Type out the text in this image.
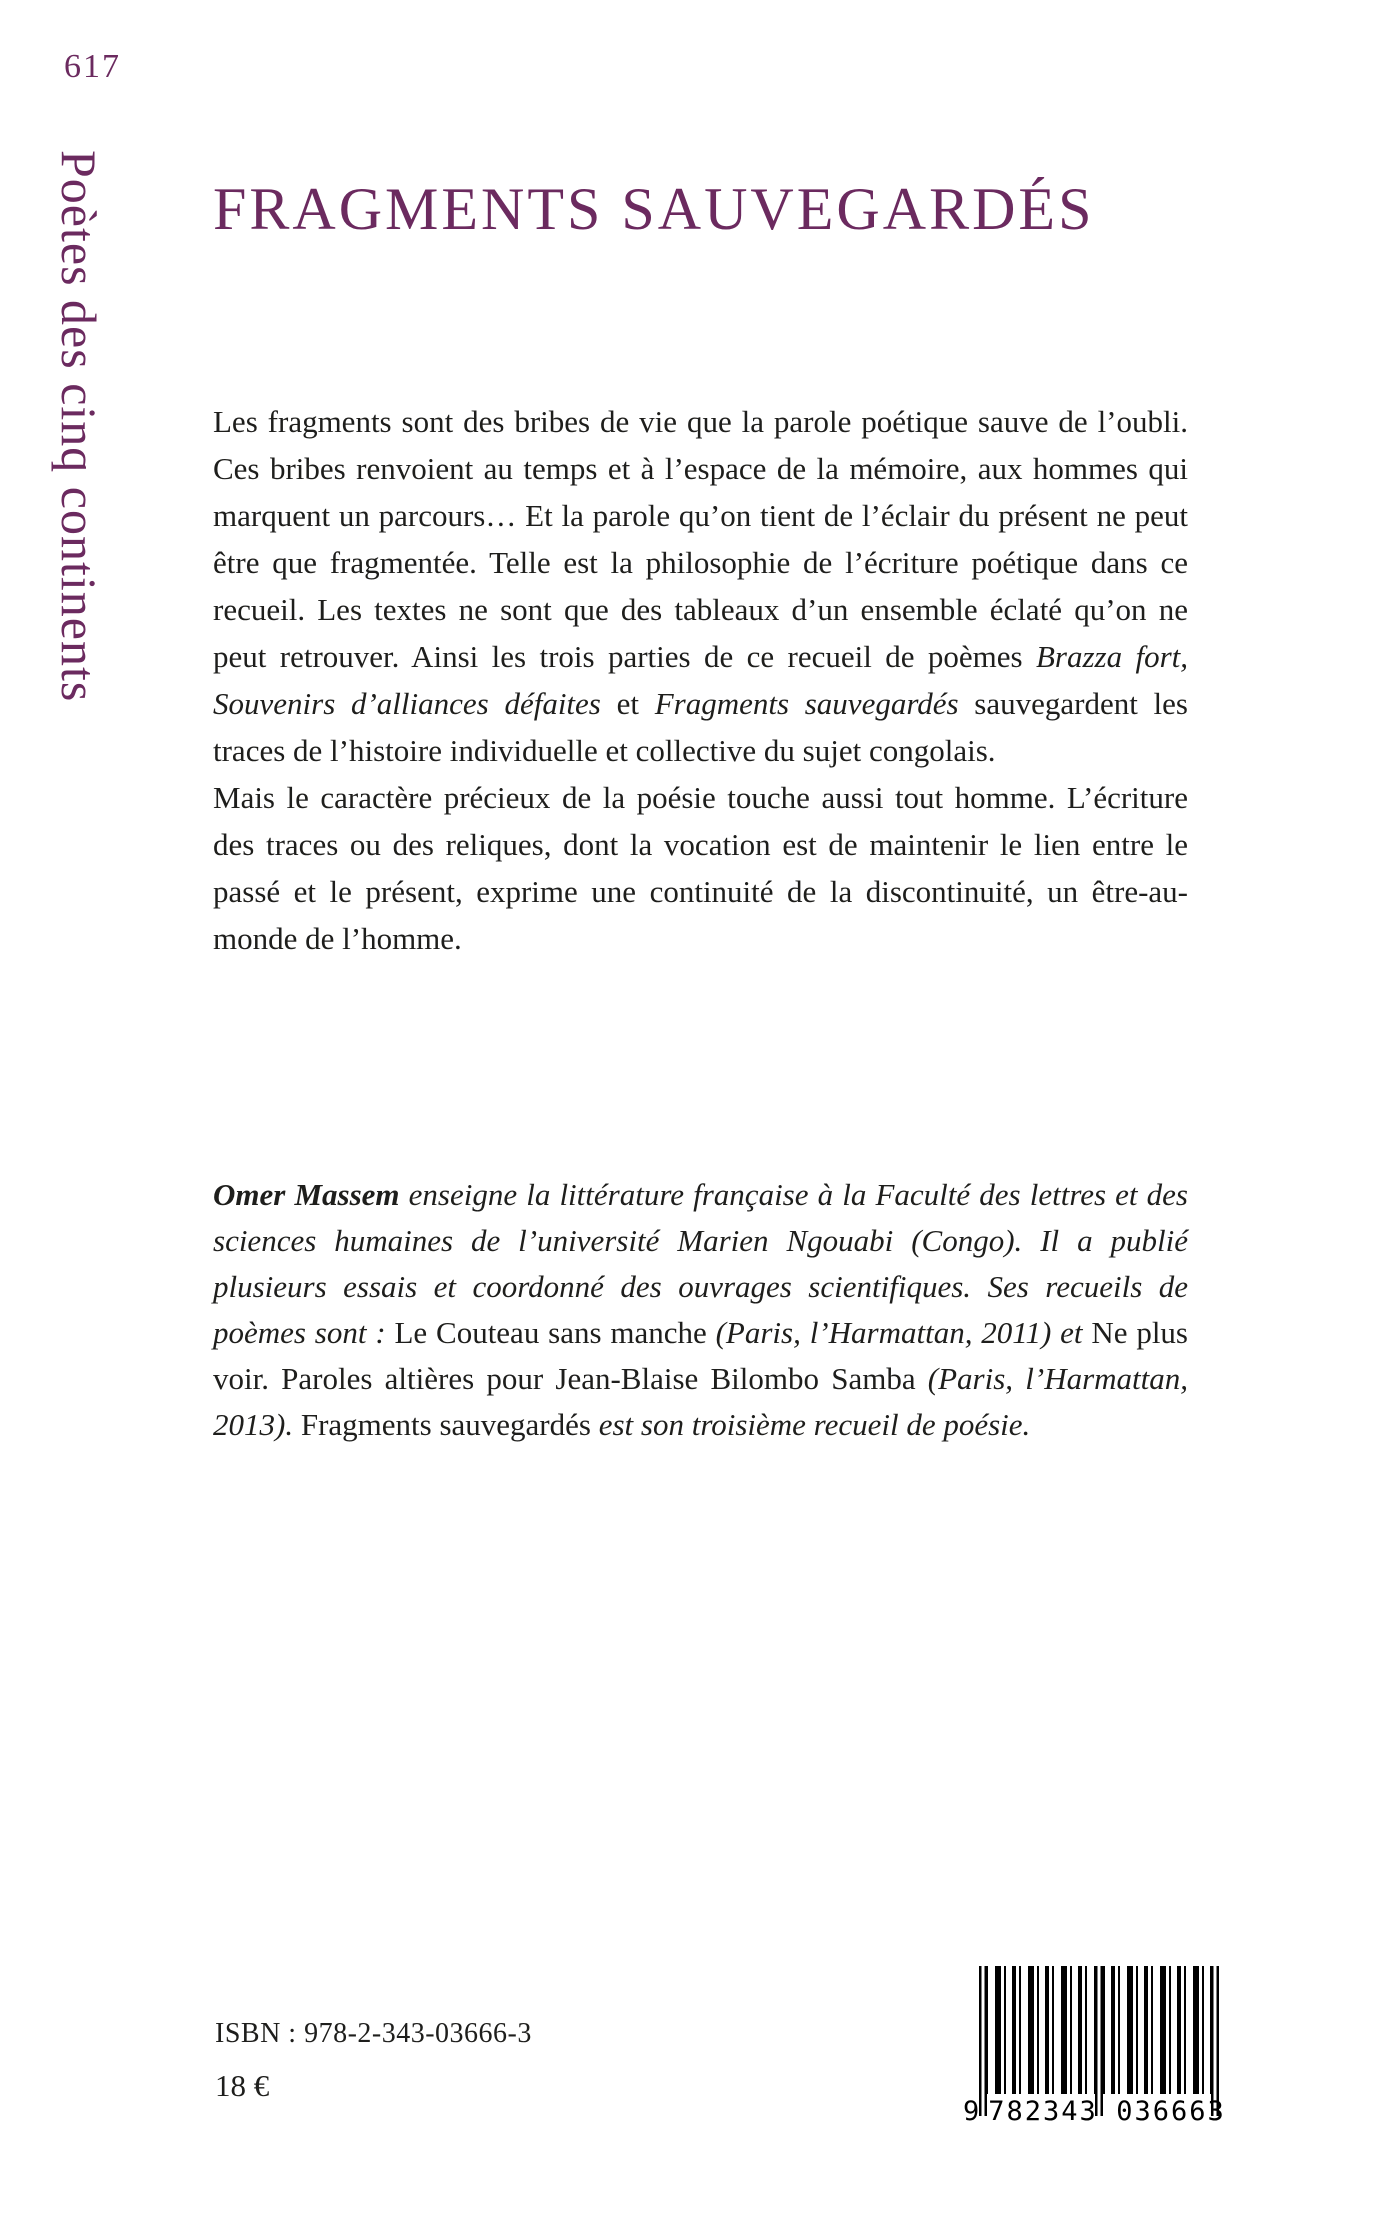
617
Poètes des cinq continents FRAGMENTS SAUVEGARDÉS

Les fragments sont des bribes de vie que la parole poétique sauve de l’oubli. Ces bribes renvoient au temps et à l’espace de la mémoire, aux hommes qui marquent un parcours… Et la parole qu’on tient de l’éclair du présent ne peut être que fragmentée. Telle est la philosophie de l’écriture poétique dans ce recueil. Les textes ne sont que des tableaux d’un ensemble éclaté qu’on ne peut retrouver. Ainsi les trois parties de ce recueil de poèmes Brazza fort, Souvenirs d’alliances défaites et Fragments sauvegardés sauvegardent les traces de l’histoire individuelle et collective du sujet congolais.

Mais le caractère précieux de la poésie touche aussi tout homme. L’écriture des traces ou des reliques, dont la vocation est de maintenir le lien entre le passé et le présent, exprime une continuité de la discontinuité, un être-au-monde de l’homme.

Omer Massem enseigne la littérature française à la Faculté des lettres et des sciences humaines de l’université Marien Ngouabi (Congo). Il a publié plusieurs essais et coordonné des ouvrages scientifiques. Ses recueils de poèmes sont : Le Couteau sans manche (Paris, l’Harmattan, 2011) et Ne plus voir. Paroles altières pour Jean-Blaise Bilombo Samba (Paris, l’Harmattan, 2013). Fragments sauvegardés est son troisième recueil de poésie.
ISBN : 978-2-343-03666-3
18 €
9 782343 036663
